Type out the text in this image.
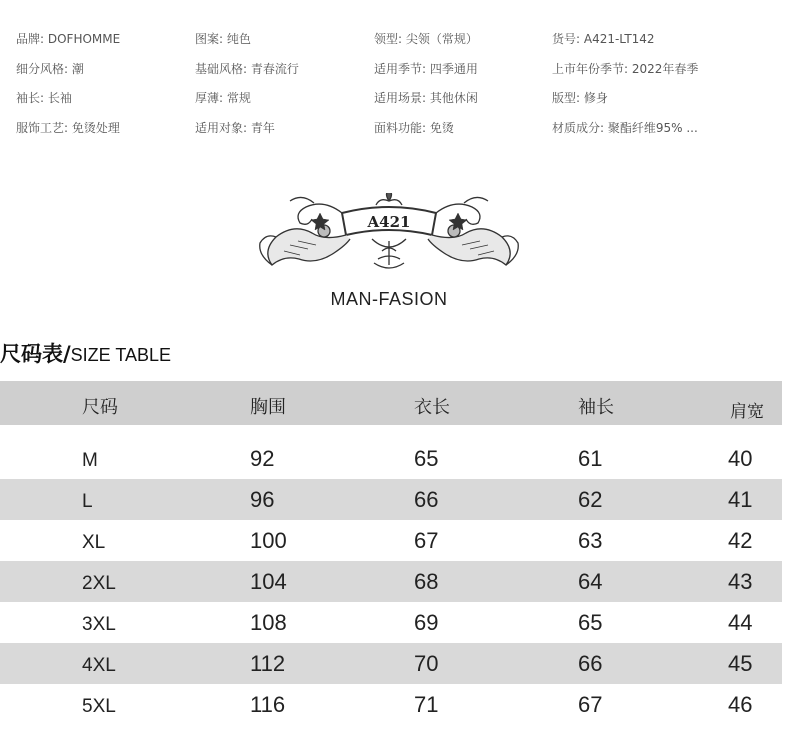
品牌: DOFHOMME	图案: 纯色	领型: 尖领（常规）	货号: A421-LT142
细分风格: 潮	基础风格: 青春流行	适用季节: 四季通用	上市年份季节: 2022年春季
袖长: 长袖	厚薄: 常规	适用场景: 其他休闲	版型: 修身
服饰工艺: 免烫处理	适用对象: 青年	面料功能: 免烫	材质成分: 聚酯纤维95% ...
A421
MAN-FASION
尺码表/SIZE TABLE
尺码	胸围	衣长	袖长	肩宽
M	92	65	61	40
L	96	66	62	41
XL	100	67	63	42
2XL	104	68	64	43
3XL	108	69	65	44
4XL	112	70	66	45
5XL	116	71	67	46
